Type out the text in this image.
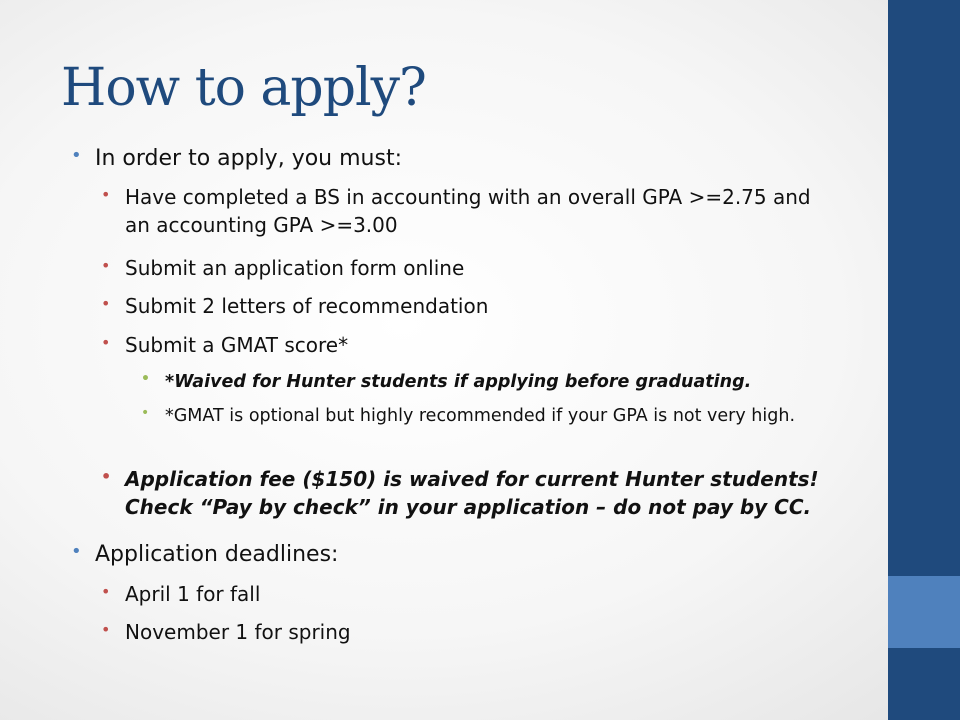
How to apply?
• In order to apply, you must:
• Have completed a BS in accounting with an overall GPA >=2.75 and an accounting GPA >=3.00
• Submit an application form online
• Submit 2 letters of recommendation
• Submit a GMAT score*
• *Waived for Hunter students if applying before graduating.
• *GMAT is optional but highly recommended if your GPA is not very high.
• Application fee ($150) is waived for current Hunter students! Check “Pay by check” in your application – do not pay by CC.
• Application deadlines:
• April 1 for fall
• November 1 for spring
